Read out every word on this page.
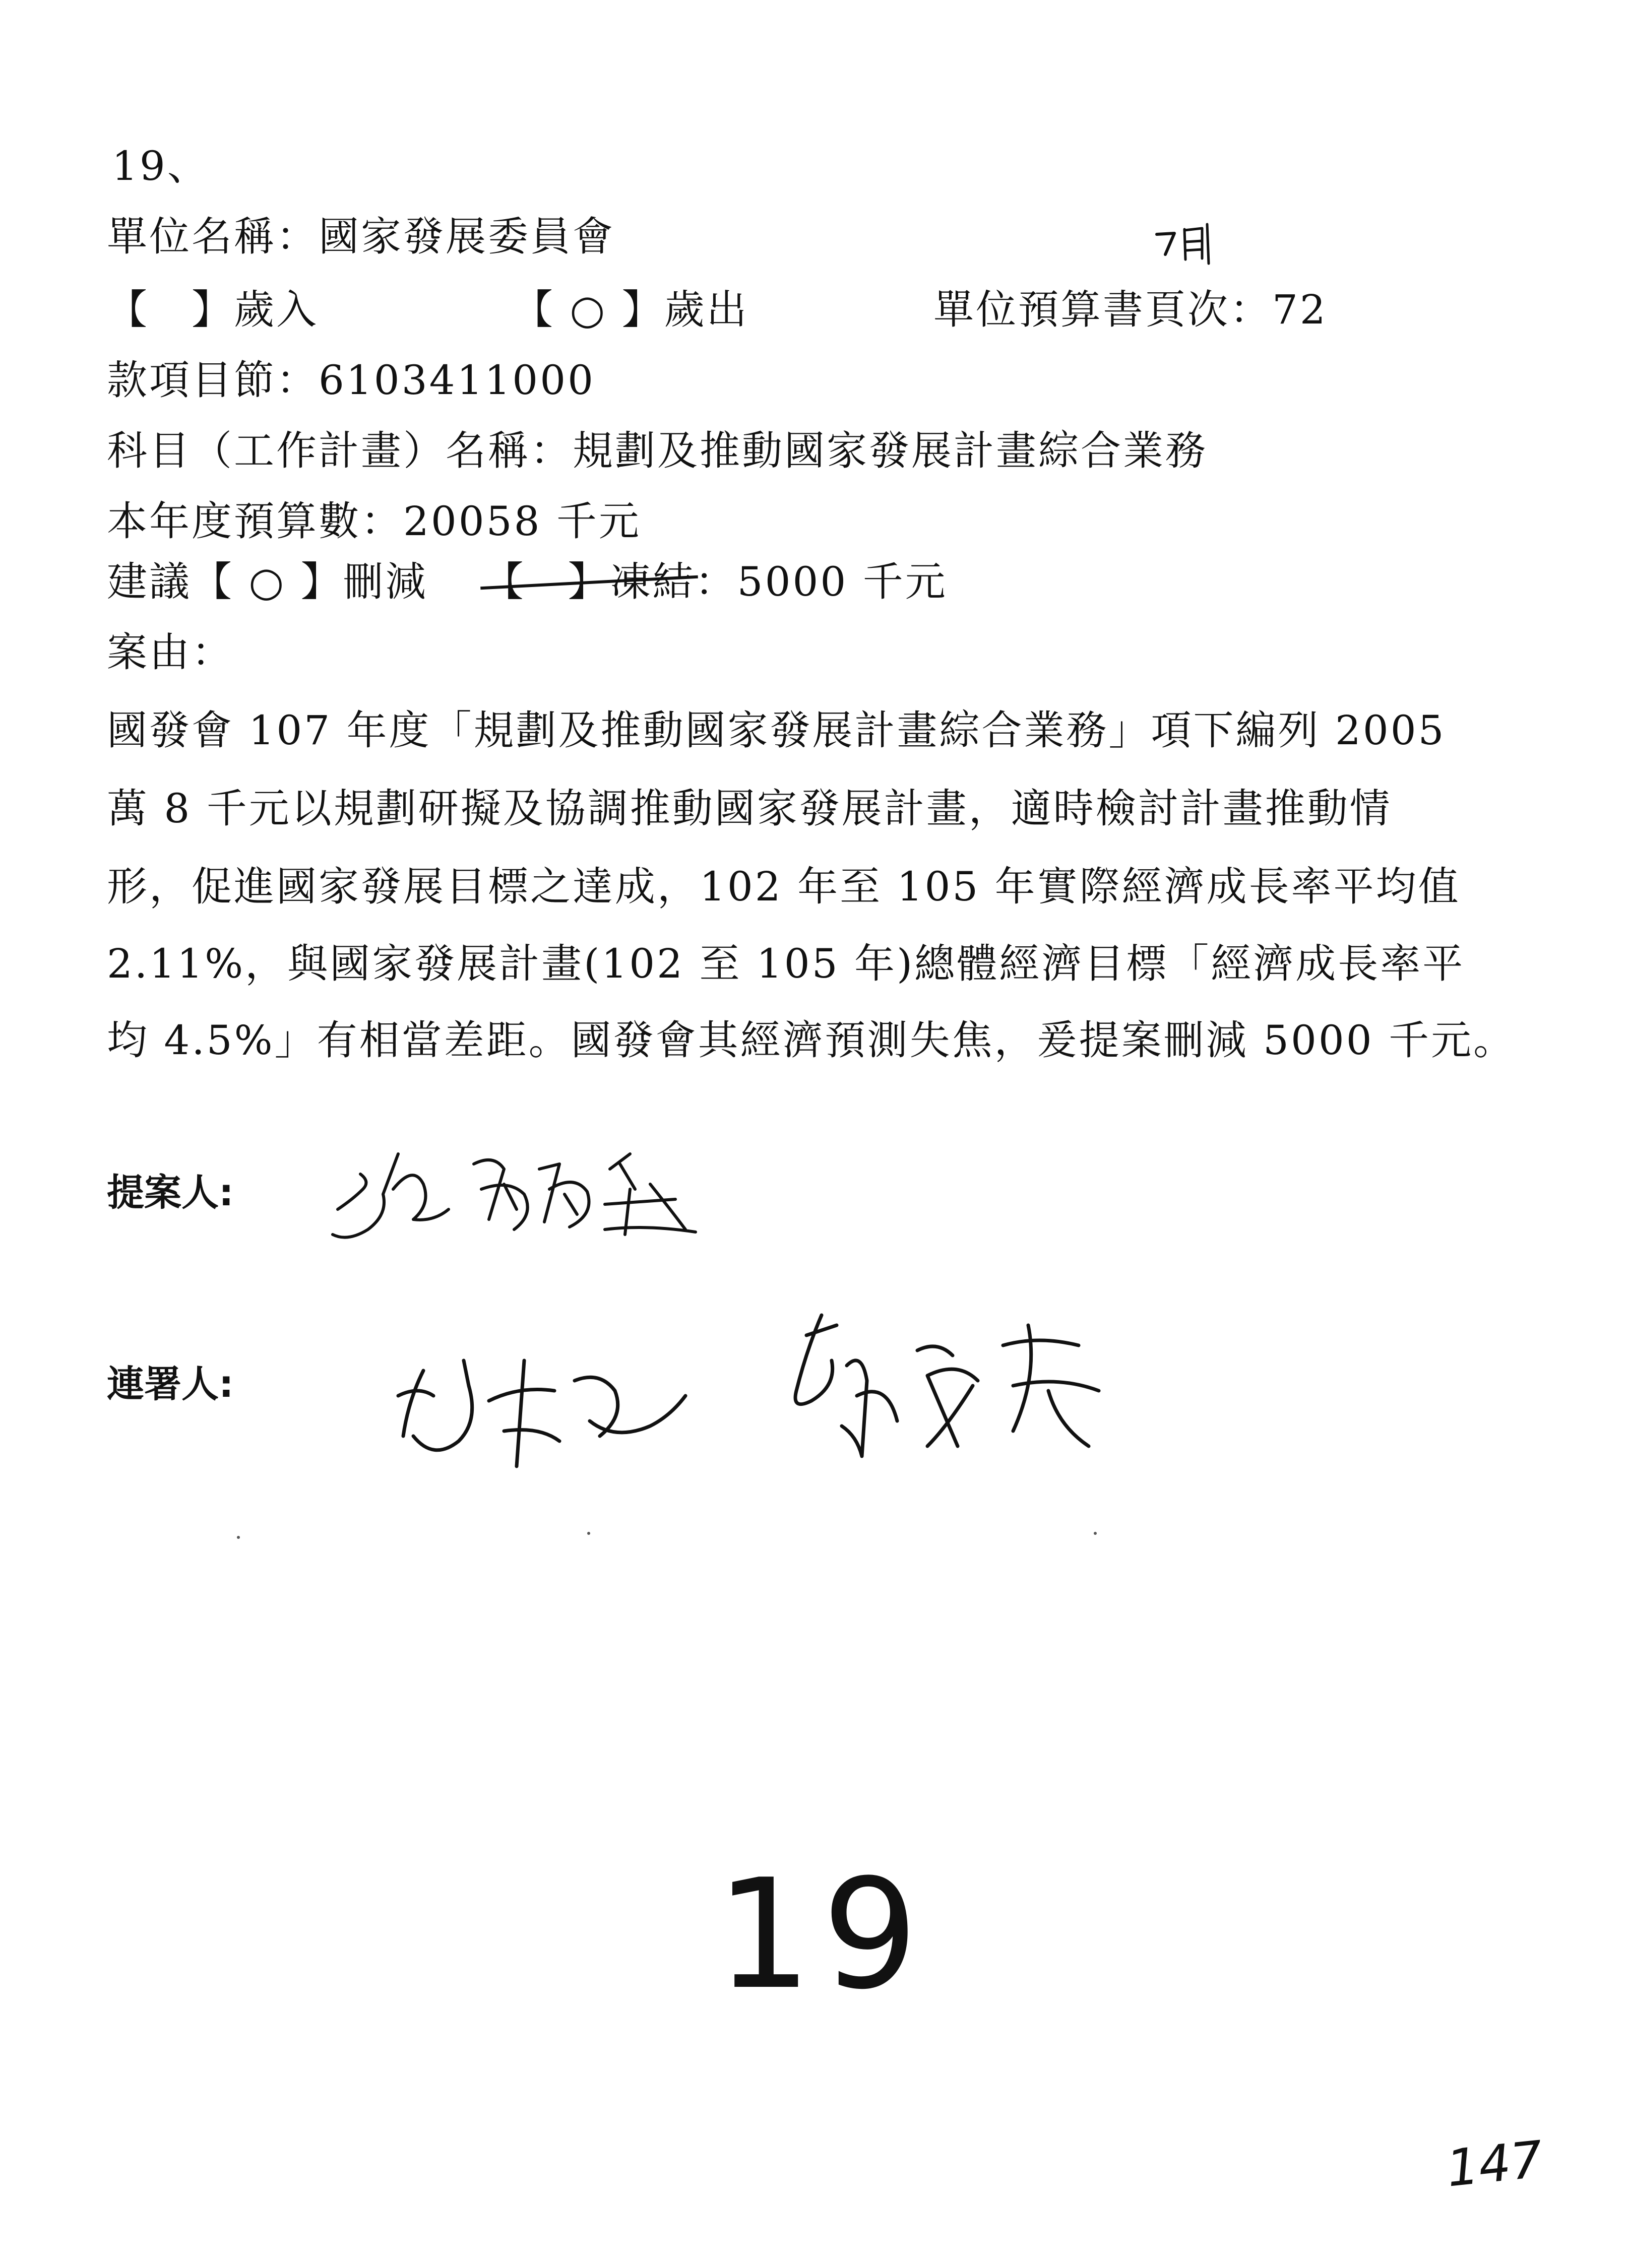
19、
單位名稱：國家發展委員會
【　】歲入	【 ○ 】歲出	單位預算書頁次：72
款項目節：6103411000
科目（工作計畫）名稱：規劃及推動國家發展計畫綜合業務
本年度預算數：20058 千元
建議【 ○ 】刪減 【　】凍結：5000 千元
案由：
國發會 107 年度「規劃及推動國家發展計畫綜合業務」項下編列 2005
萬 8 千元以規劃研擬及協調推動國家發展計畫，適時檢討計畫推動情
形，促進國家發展目標之達成，102 年至 105 年實際經濟成長率平均值
2.11%，與國家發展計畫(102 至 105 年)總體經濟目標「經濟成長率平
均 4.5%」有相當差距。國發會其經濟預測失焦，爰提案刪減 5000 千元。
提案人:
連署人:
19
147
